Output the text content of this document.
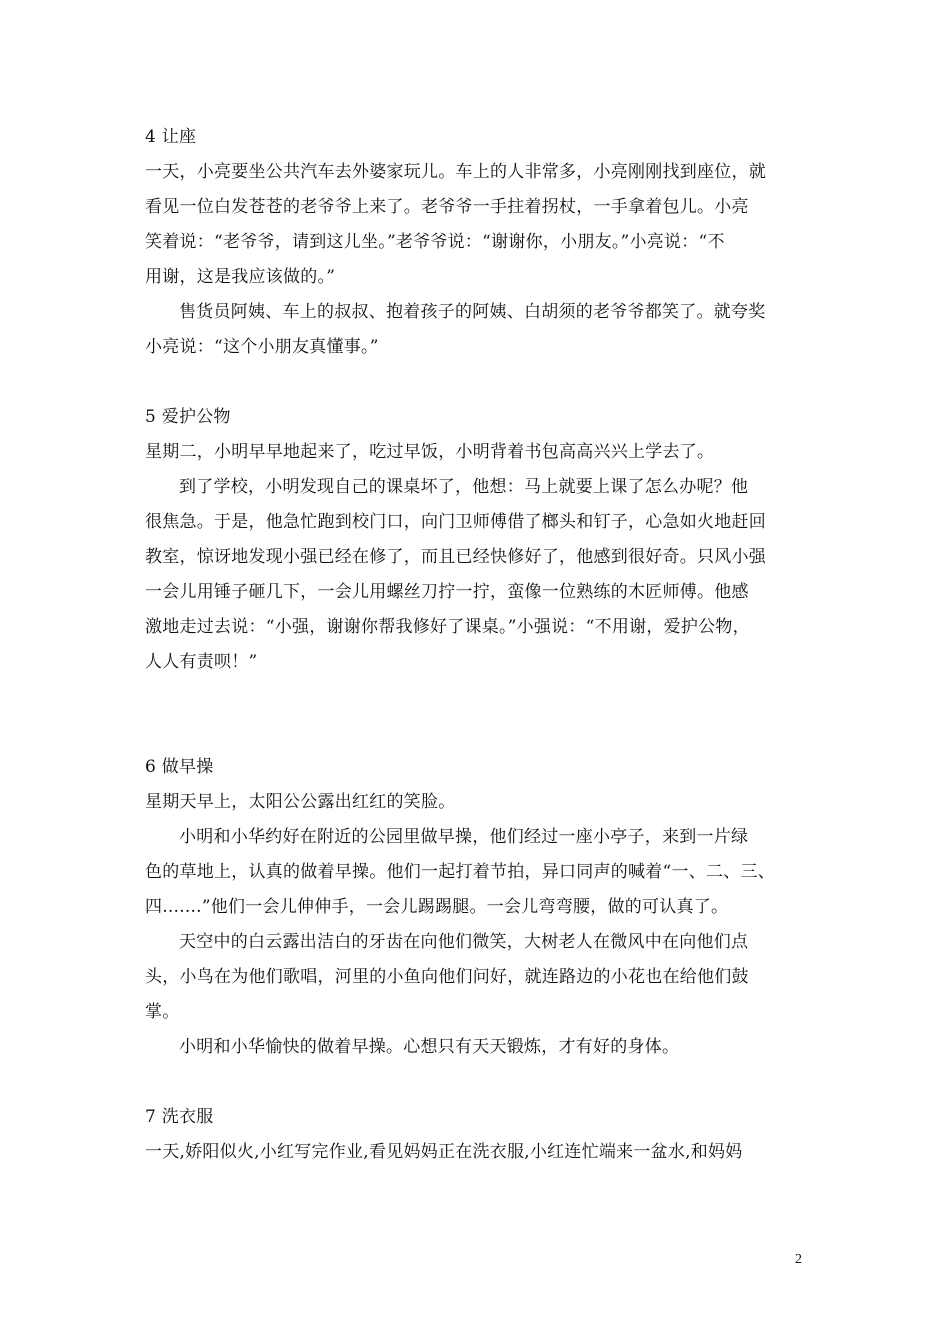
4 让座
一天，小亮要坐公共汽车去外婆家玩儿。车上的人非常多，小亮刚刚找到座位，就
看见一位白发苍苍的老爷爷上来了。老爷爷一手拄着拐杖，一手拿着包儿。小亮
笑着说：“老爷爷，请到这儿坐。”老爷爷说：“谢谢你，小朋友。”小亮说：“不
用谢，这是我应该做的。”
售货员阿姨、车上的叔叔、抱着孩子的阿姨、白胡须的老爷爷都笑了。就夸奖
小亮说：“这个小朋友真懂事。”
5 爱护公物
星期二，小明早早地起来了，吃过早饭，小明背着书包高高兴兴上学去了。
到了学校，小明发现自己的课桌坏了，他想：马上就要上课了怎么办呢？他
很焦急。于是，他急忙跑到校门口，向门卫师傅借了榔头和钉子，心急如火地赶回
教室，惊讶地发现小强已经在修了，而且已经快修好了，他感到很好奇。只风小强
一会儿用锤子砸几下，一会儿用螺丝刀拧一拧，蛮像一位熟练的木匠师傅。他感
激地走过去说：“小强，谢谢你帮我修好了课桌。”小强说：“不用谢，爱护公物，
人人有责呗！”
6 做早操
星期天早上，太阳公公露出红红的笑脸。
小明和小华约好在附近的公园里做早操，他们经过一座小亭子，来到一片绿
色的草地上，认真的做着早操。他们一起打着节拍，异口同声的喊着“一、二、三、
四.......”他们一会儿伸伸手，一会儿踢踢腿。一会儿弯弯腰，做的可认真了。
天空中的白云露出洁白的牙齿在向他们微笑，大树老人在微风中在向他们点
头，小鸟在为他们歌唱，河里的小鱼向他们问好，就连路边的小花也在给他们鼓
掌。
小明和小华愉快的做着早操。心想只有天天锻炼，才有好的身体。
7 洗衣服
一天,娇阳似火,小红写完作业,看见妈妈正在洗衣服,小红连忙端来一盆水,和妈妈
2
